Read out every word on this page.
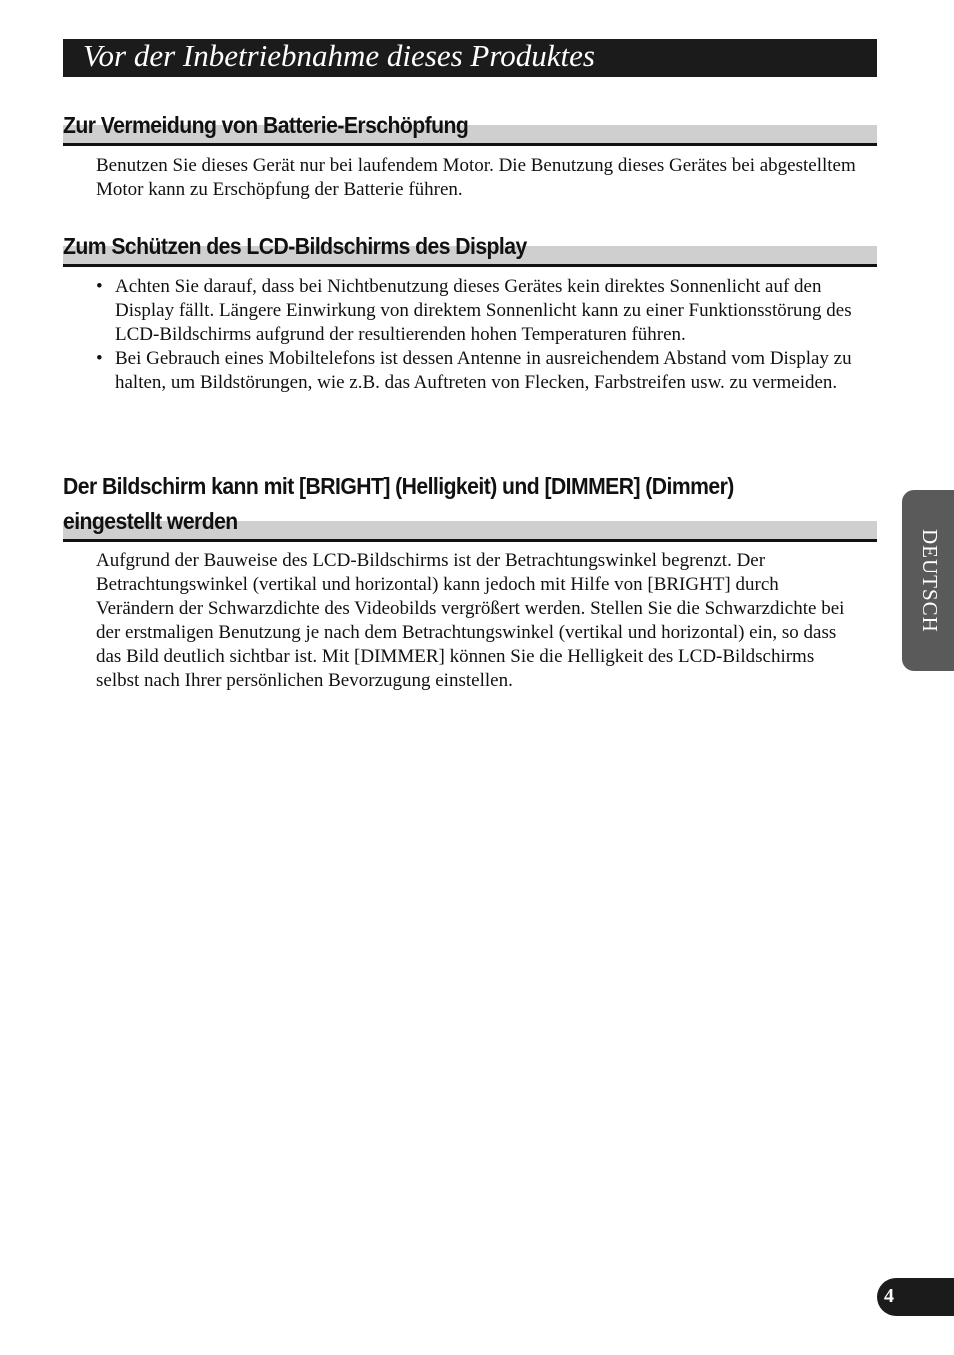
Vor der Inbetriebnahme dieses Produktes
Zur Vermeidung von Batterie-Erschöpfung

Benutzen Sie dieses Gerät nur bei laufendem Motor. Die Benutzung dieses Gerätes bei abgestelltem Motor kann zu Erschöpfung der Batterie führen.

Zum Schützen des LCD-Bildschirms des Display
• Achten Sie darauf, dass bei Nichtbenutzung dieses Gerätes kein direktes Sonnenlicht auf den Display fällt. Längere Einwirkung von direktem Sonnenlicht kann zu einer Funktionsstörung des LCD-Bildschirms aufgrund der resultierenden hohen Temperaturen führen.
• Bei Gebrauch eines Mobiltelefons ist dessen Antenne in ausreichendem Abstand vom Display zu halten, um Bildstörungen, wie z.B. das Auftreten von Flecken, Farbstreifen usw. zu vermeiden.
Der Bildschirm kann mit [BRIGHT] (Helligkeit) und [DIMMER] (Dimmer)
eingestellt werden

Aufgrund der Bauweise des LCD-Bildschirms ist der Betrachtungswinkel begrenzt. Der Betrachtungswinkel (vertikal und horizontal) kann jedoch mit Hilfe von [BRIGHT] durch Verändern der Schwarzdichte des Videobilds vergrößert werden. Stellen Sie die Schwarzdichte bei der erstmaligen Benutzung je nach dem Betrachtungswinkel (vertikal und horizontal) ein, so dass das Bild deutlich sichtbar ist. Mit [DIMMER] können Sie die Helligkeit des LCD-Bildschirms selbst nach Ihrer persönlichen Bevorzugung einstellen.

DEUTSCH
4
